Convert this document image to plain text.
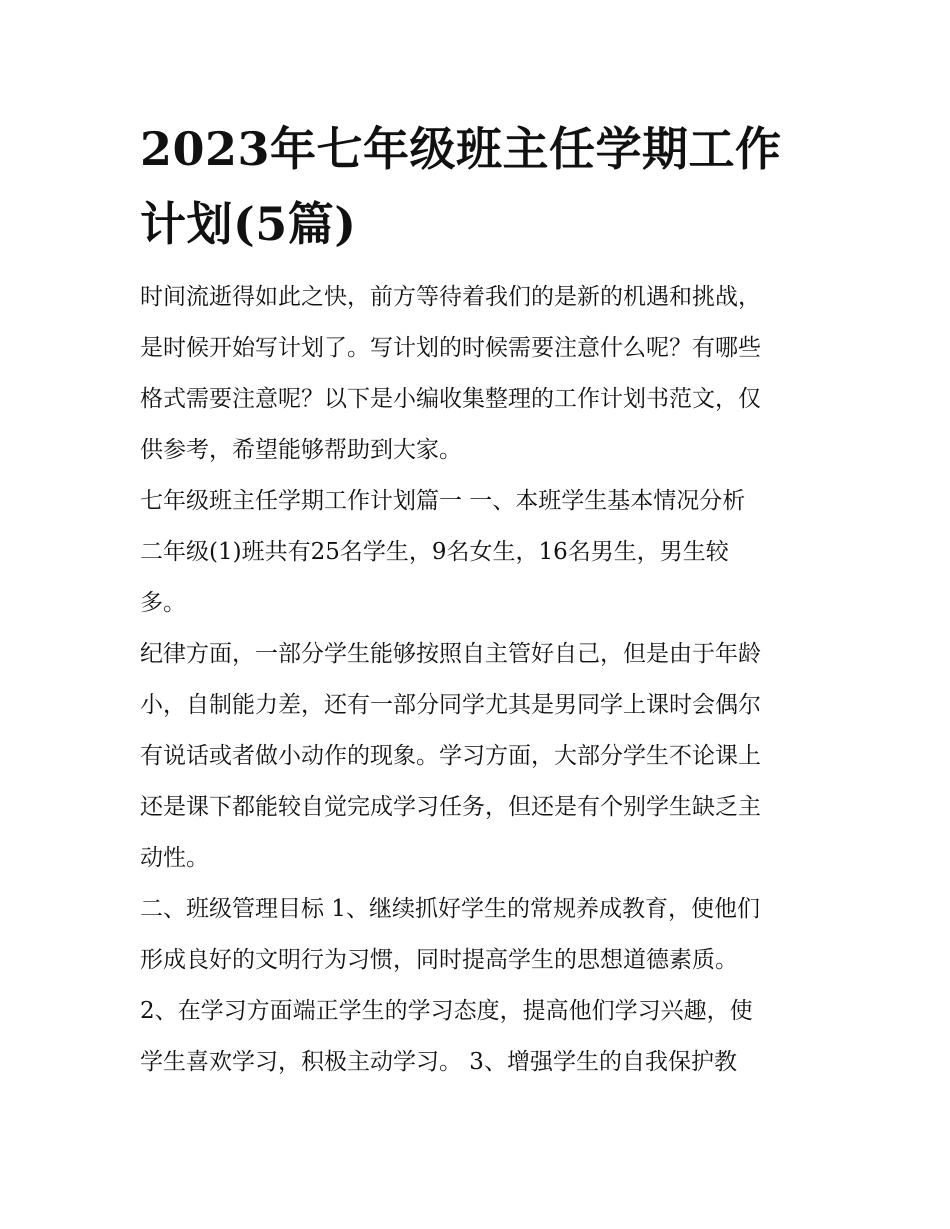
2023年七年级班主任学期工作
计划(5篇)

时间流逝得如此之快，前方等待着我们的是新的机遇和挑战，
是时候开始写计划了。写计划的时候需要注意什么呢？有哪些
格式需要注意呢？以下是小编收集整理的工作计划书范文，仅
供参考，希望能够帮助到大家。

七年级班主任学期工作计划篇一 一、本班学生基本情况分析
二年级(1)班共有25名学生，9名女生，16名男生，男生较
多。

纪律方面，一部分学生能够按照自主管好自己，但是由于年龄
小，自制能力差，还有一部分同学尤其是男同学上课时会偶尔
有说话或者做小动作的现象。学习方面，大部分学生不论课上
还是课下都能较自觉完成学习任务，但还是有个别学生缺乏主
动性。

二、班级管理目标 1、继续抓好学生的常规养成教育，使他们
形成良好的文明行为习惯，同时提高学生的思想道德素质。

2、在学习方面端正学生的学习态度，提高他们学习兴趣，使
学生喜欢学习，积极主动学习。 3、增强学生的自我保护教
